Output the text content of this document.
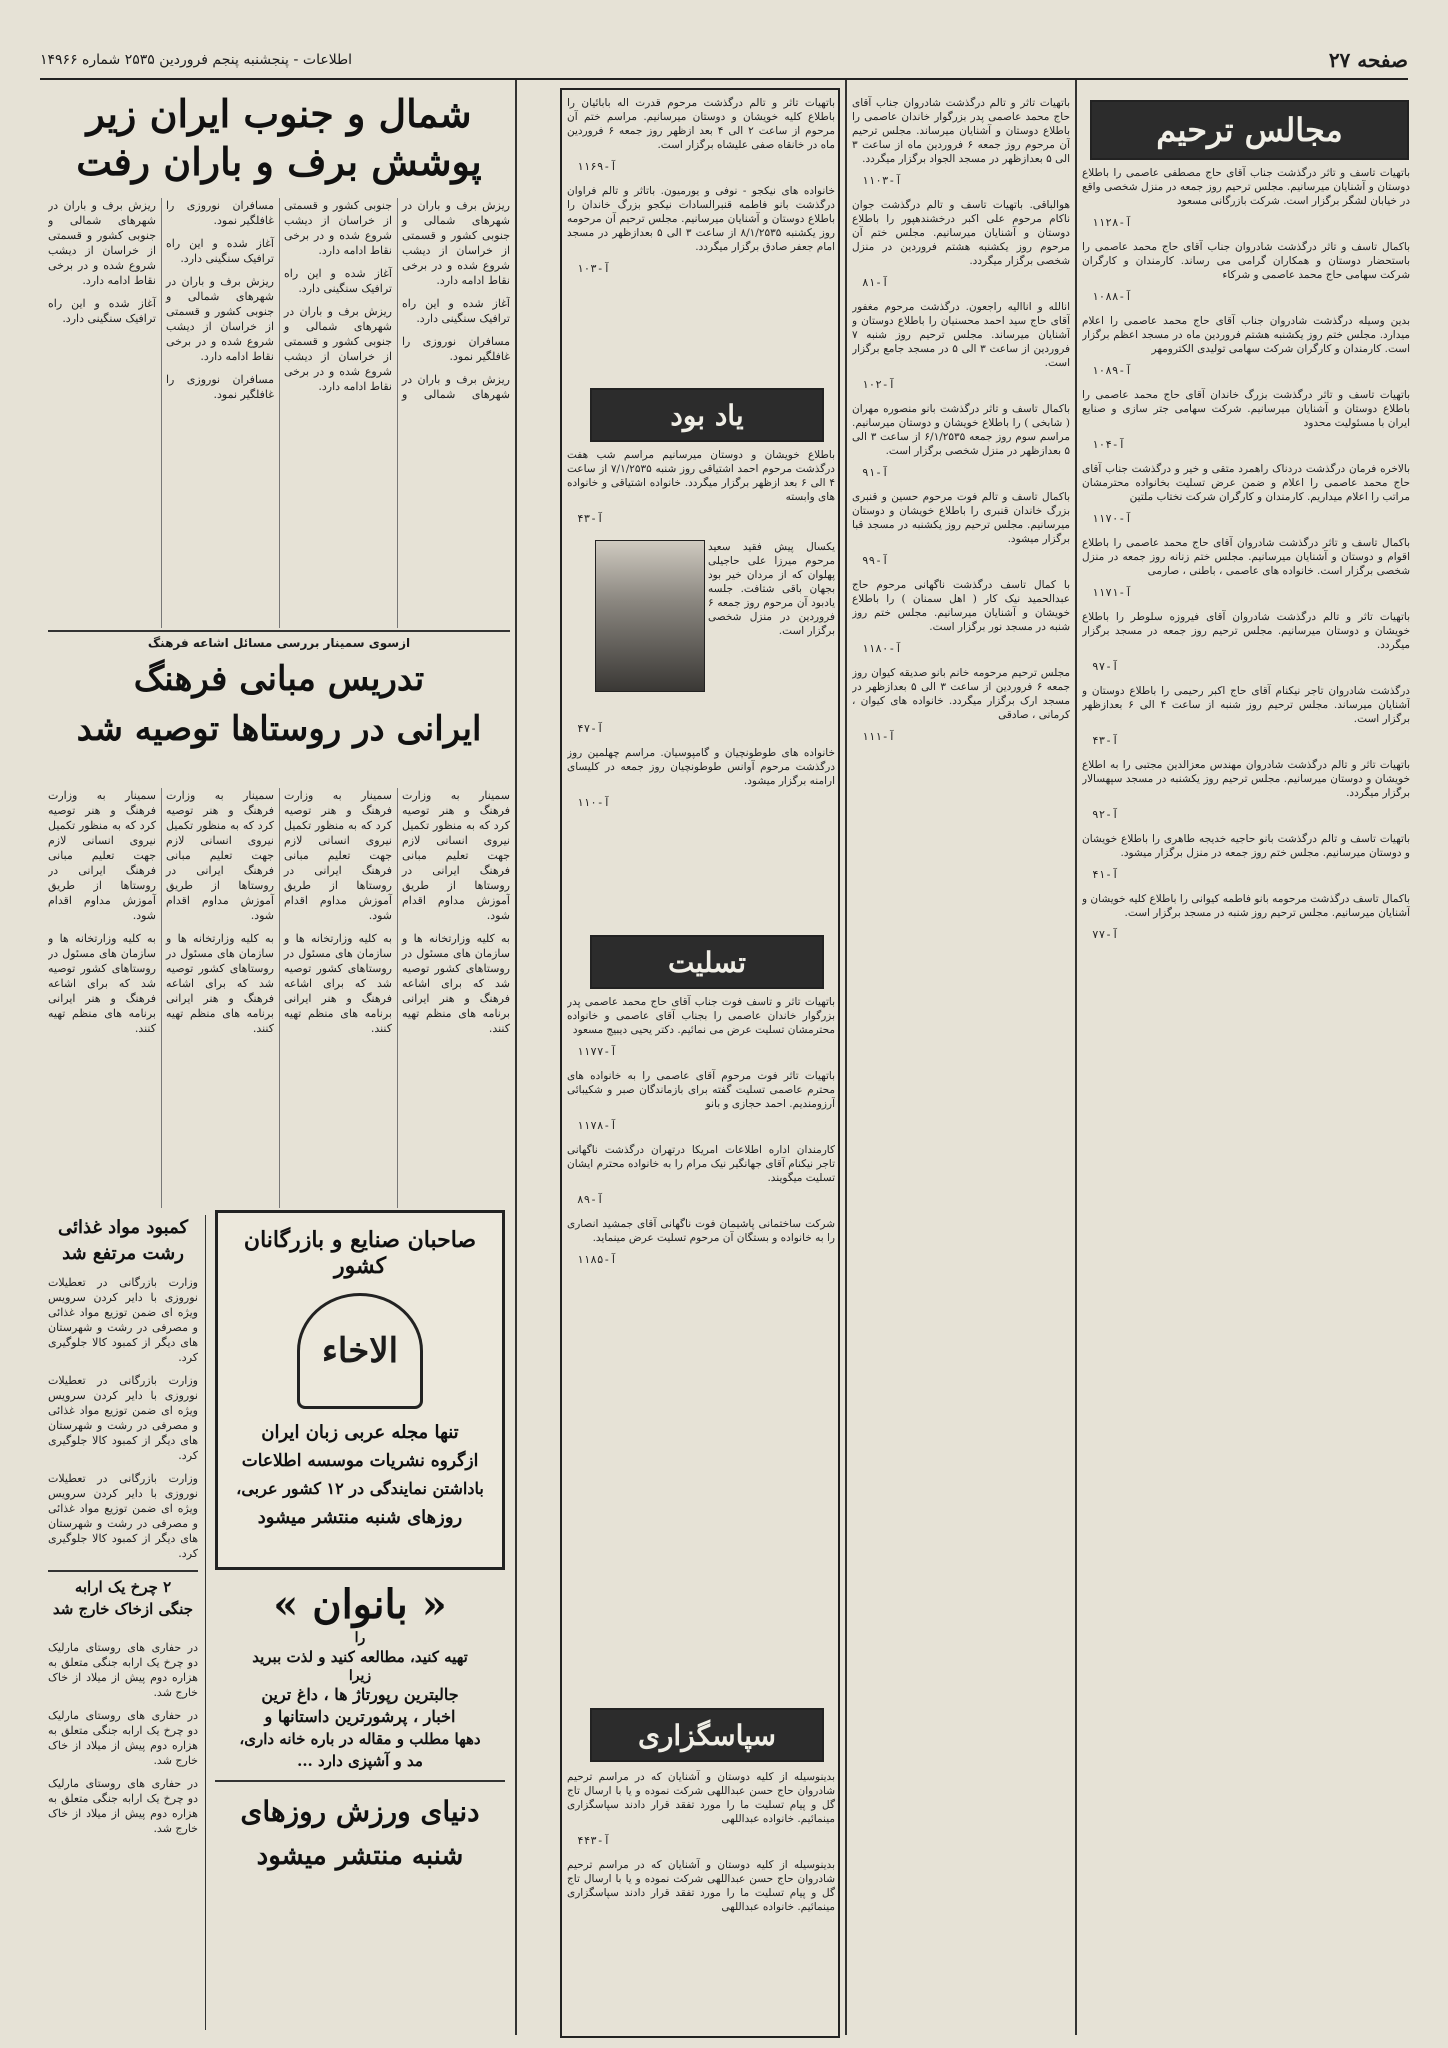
صفحه ۲۷
اطلاعات - پنجشنبه پنجم فروردین ۲۵۳۵ شماره ۱۴۹۶۶
شمال و جنوب ایران زیر
پوشش برف و باران رفت

ریزش برف و باران در شهرهای شمالی و جنوبی کشور و قسمتی از خراسان از دیشب شروع شده و در برخی نقاط ادامه دارد.

آغاز شده و این راه ترافیک سنگینی دارد.

مسافران نوروزی را غافلگیر نمود.

ریزش برف و باران در شهرهای شمالی و جنوبی کشور و قسمتی از خراسان از دیشب شروع شده و در برخی نقاط ادامه دارد.

آغاز شده و این راه ترافیک سنگینی دارد.

ریزش برف و باران در شهرهای شمالی و جنوبی کشور و قسمتی از خراسان از دیشب شروع شده و در برخی نقاط ادامه دارد.

مسافران نوروزی را غافلگیر نمود.

آغاز شده و این راه ترافیک سنگینی دارد.

ریزش برف و باران در شهرهای شمالی و جنوبی کشور و قسمتی از خراسان از دیشب شروع شده و در برخی نقاط ادامه دارد.

مسافران نوروزی را غافلگیر نمود.

ریزش برف و باران در شهرهای شمالی و جنوبی کشور و قسمتی از خراسان از دیشب شروع شده و در برخی نقاط ادامه دارد.

آغاز شده و این راه ترافیک سنگینی دارد.

ازسوی سمینار بررسی مسائل اشاعه فرهنگ
تدریس مبانی فرهنگ
ایرانی در روستاها توصیه شد

سمینار به وزارت فرهنگ و هنر توصیه کرد که به منظور تکمیل نیروی انسانی لازم جهت تعلیم مبانی فرهنگ ایرانی در روستاها از طریق آموزش مداوم اقدام شود.

به کلیه وزارتخانه ها و سازمان های مسئول در روستاهای کشور توصیه شد که برای اشاعه فرهنگ و هنر ایرانی برنامه های منظم تهیه کنند.

سمینار به وزارت فرهنگ و هنر توصیه کرد که به منظور تکمیل نیروی انسانی لازم جهت تعلیم مبانی فرهنگ ایرانی در روستاها از طریق آموزش مداوم اقدام شود.

به کلیه وزارتخانه ها و سازمان های مسئول در روستاهای کشور توصیه شد که برای اشاعه فرهنگ و هنر ایرانی برنامه های منظم تهیه کنند.

سمینار به وزارت فرهنگ و هنر توصیه کرد که به منظور تکمیل نیروی انسانی لازم جهت تعلیم مبانی فرهنگ ایرانی در روستاها از طریق آموزش مداوم اقدام شود.

به کلیه وزارتخانه ها و سازمان های مسئول در روستاهای کشور توصیه شد که برای اشاعه فرهنگ و هنر ایرانی برنامه های منظم تهیه کنند.

سمینار به وزارت فرهنگ و هنر توصیه کرد که به منظور تکمیل نیروی انسانی لازم جهت تعلیم مبانی فرهنگ ایرانی در روستاها از طریق آموزش مداوم اقدام شود.

به کلیه وزارتخانه ها و سازمان های مسئول در روستاهای کشور توصیه شد که برای اشاعه فرهنگ و هنر ایرانی برنامه های منظم تهیه کنند.

کمبود مواد غذائی
رشت مرتفع شد

وزارت بازرگانی در تعطیلات نوروزی با دایر کردن سرویس ویژه ای ضمن توزیع مواد غذائی و مصرفی در رشت و شهرستان های دیگر از کمبود کالا جلوگیری کرد.

وزارت بازرگانی در تعطیلات نوروزی با دایر کردن سرویس ویژه ای ضمن توزیع مواد غذائی و مصرفی در رشت و شهرستان های دیگر از کمبود کالا جلوگیری کرد.

وزارت بازرگانی در تعطیلات نوروزی با دایر کردن سرویس ویژه ای ضمن توزیع مواد غذائی و مصرفی در رشت و شهرستان های دیگر از کمبود کالا جلوگیری کرد.

۲ چرخ یک ارابه
جنگی ازخاک خارج شد

در حفاری های روستای مارلیک دو چرخ یک ارابه جنگی متعلق به هزاره دوم پیش از میلاد از خاک خارج شد.

در حفاری های روستای مارلیک دو چرخ یک ارابه جنگی متعلق به هزاره دوم پیش از میلاد از خاک خارج شد.

در حفاری های روستای مارلیک دو چرخ یک ارابه جنگی متعلق به هزاره دوم پیش از میلاد از خاک خارج شد.

صاحبان صنایع و بازرگانان کشور
الاخاء
تنها مجله عربی زبان ایران
ازگروه نشریات موسسه اطلاعات
باداشتن نمایندگی در ۱۲ کشور عربی،
روزهای شنبه منتشر میشود
« بانوان »
را
تهیه کنید، مطالعه کنید و لذت ببرید
زیرا
جالبترین رپورتاژ ها ، داغ ترین
اخبار ، پرشورترین داستانها و
دهها مطلب و مقاله در باره خانه داری،
مد و آشپزی دارد ...
دنیای ورزش روزهای
شنبه منتشر میشود

باتهیات تاثر و تالم درگذشت مرحوم قدرت اله بابائیان را باطلاع کلیه خویشان و دوستان میرسانیم. مراسم ختم آن مرحوم از ساعت ۲ الی ۴ بعد ازظهر روز جمعه ۶ فروردین ماه در خانقاه صفی علیشاه برگزار است.

آ-۱۱۶۹

خانواده های نیکجو - نوفی و یورمیون. باتاثر و تالم فراوان درگذشت بانو فاطمه قنبرالسادات نیکجو بزرگ خاندان را باطلاع دوستان و آشنایان میرسانیم. مجلس ترحیم آن مرحومه روز یکشنبه ۸/۱/۲۵۳۵ از ساعت ۳ الی ۵ بعدازظهر در مسجد امام جعفر صادق برگزار میگردد.

آ-۱۰۳

یاد بود

باطلاع خویشان و دوستان میرسانیم مراسم شب هفت درگذشت مرحوم احمد اشتیاقی روز شنبه ۷/۱/۲۵۳۵ از ساعت ۴ الی ۶ بعد ازظهر برگزار میگردد. خانواده اشتیاقی و خانواده های وابسته

آ-۴۳

یکسال پیش فقید سعید مرحوم میرزا علی حاجیلی پهلوان که از مردان خیر بود بجهان باقی شتافت. جلسه یادبود آن مرحوم روز جمعه ۶ فروردین در منزل شخصی برگزار است.

آ-۴۷

خانواده های طوطونچیان و گامپوسیان. مراسم چهلمین روز درگذشت مرحوم آوانس طوطونچیان روز جمعه در کلیسای ارامنه برگزار میشود.

آ-۱۱۰

تسلیت

باتهیات تاثر و تاسف فوت جناب آقای حاج محمد عاصمی پدر بزرگوار خاندان عاصمی را بجناب آقای عاصمی و خانواده محترمشان تسلیت عرض می نمائیم. دکتر یحیی دیبیج مسعود

آ-۱۱۷۷

باتهیات تاثر فوت مرحوم آقای عاصمی را به خانواده های محترم عاصمی تسلیت گفته برای بازماندگان صبر و شکیبائی آرزومندیم. احمد حجازی و بانو

آ-۱۱۷۸

کارمندان اداره اطلاعات امریکا درتهران درگذشت ناگهانی تاجر نیکنام آقای جهانگیر نیک مرام را به خانواده محترم ایشان تسلیت میگویند.

آ-۸۹

شرکت ساختمانی پاشیمان فوت ناگهانی آقای جمشید انصاری را به خانواده و بستگان آن مرحوم تسلیت عرض مینماید.

آ-۱۱۸۵

سپاسگزاری

بدینوسیله از کلیه دوستان و آشنایان که در مراسم ترحیم شادروان حاج حسن عبداللهی شرکت نموده و یا با ارسال تاج گل و پیام تسلیت ما را مورد تفقد قرار دادند سپاسگزاری مینمائیم. خانواده عبداللهی

آ-۴۴۳

بدینوسیله از کلیه دوستان و آشنایان که در مراسم ترحیم شادروان حاج حسن عبداللهی شرکت نموده و یا با ارسال تاج گل و پیام تسلیت ما را مورد تفقد قرار دادند سپاسگزاری مینمائیم. خانواده عبداللهی

باتهیات تاثر و تالم درگذشت شادروان جناب آقای حاج محمد عاصمی پدر بزرگوار خاندان عاصمی را باطلاع دوستان و آشنایان میرساند. مجلس ترحیم آن مرحوم روز جمعه ۶ فروردین ماه از ساعت ۳ الی ۵ بعدازظهر در مسجد الجواد برگزار میگردد.

آ-۱۱۰۳

هوالباقی. باتهیات تاسف و تالم درگذشت جوان ناکام مرحوم علی اکبر درخشندهپور را باطلاع دوستان و آشنایان میرسانیم. مجلس ختم آن مرحوم روز یکشنبه هشتم فروردین در منزل شخصی برگزار میگردد.

آ-۸۱

انالله و اناالیه راجعون. درگذشت مرحوم مغفور آقای حاج سید احمد محسنیان را باطلاع دوستان و آشنایان میرساند. مجلس ترحیم روز شنبه ۷ فروردین از ساعت ۳ الی ۵ در مسجد جامع برگزار است.

آ-۱۰۲

باکمال تاسف و تاثر درگذشت بانو منصوره مهران ( شابخی ) را باطلاع خویشان و دوستان میرسانیم. مراسم سوم روز جمعه ۶/۱/۲۵۳۵ از ساعت ۳ الی ۵ بعدازظهر در منزل شخصی برگزار است.

آ-۹۱

باکمال تاسف و تالم فوت مرحوم حسین و قنبری بزرگ خاندان قنبری را باطلاع خویشان و دوستان میرسانیم. مجلس ترحیم روز یکشنبه در مسجد قبا برگزار میشود.

آ-۹۹

با کمال تاسف درگذشت ناگهانی مرحوم حاج عبدالحمید نیک کار ( اهل سمنان ) را باطلاع خویشان و آشنایان میرسانیم. مجلس ختم روز شنبه در مسجد نور برگزار است.

آ-۱۱۸۰

مجلس ترحیم مرحومه خانم بانو صدیقه کیوان روز جمعه ۶ فروردین از ساعت ۳ الی ۵ بعدازظهر در مسجد ارک برگزار میگردد. خانواده های کیوان ، کرمانی ، صادقی

آ-۱۱۱

مجالس ترحیم

باتهیات تاسف و تاثر درگذشت جناب آقای حاج مصطفی عاصمی را باطلاع دوستان و آشنایان میرسانیم. مجلس ترحیم روز جمعه در منزل شخصی واقع در خیابان لشگر برگزار است. شرکت بازرگانی مسعود

آ-۱۱۲۸

باکمال تاسف و تاثر درگذشت شادروان جناب آقای حاج محمد عاصمی را باستحضار دوستان و همکاران گرامی می رساند. کارمندان و کارگران شرکت سهامی حاج محمد عاصمی و شرکاء

آ-۱۰۸۸

بدین وسیله درگذشت شادروان جناب آقای حاج محمد عاصمی را اعلام میدارد. مجلس ختم روز یکشنبه هشتم فروردین ماه در مسجد اعظم برگزار است. کارمندان و کارگران شرکت سهامی تولیدی الکترومهر

آ-۱۰۸۹

باتهیات تاسف و تاثر درگذشت بزرگ خاندان آقای حاج محمد عاصمی را باطلاع دوستان و آشنایان میرسانیم. شرکت سهامی جتر سازی و صنایع ایران با مسئولیت محدود

آ-۱۰۴

بالاخره فرمان درگذشت دردناک راهمرد متقی و خیر و درگذشت جناب آقای حاج محمد عاصمی را اعلام و ضمن عرض تسلیت بخانواده محترمشان مراتب را اعلام میداریم. کارمندان و کارگران شرکت نختاب ملتین

آ-۱۱۷۰

باکمال تاسف و تاثر درگذشت شادروان آقای حاج محمد عاصمی را باطلاع اقوام و دوستان و آشنایان میرسانیم. مجلس ختم زنانه روز جمعه در منزل شخصی برگزار است. خانواده های عاصمی ، باطنی ، صارمی

آ-۱۱۷۱

باتهیات تاثر و تالم درگذشت شادروان آقای فیروزه سلوطر را باطلاع خویشان و دوستان میرسانیم. مجلس ترحیم روز جمعه در مسجد برگزار میگردد.

آ-۹۷

درگذشت شادروان تاجر نیکنام آقای حاج اکبر رحیمی را باطلاع دوستان و آشنایان میرساند. مجلس ترحیم روز شنبه از ساعت ۴ الی ۶ بعدازظهر برگزار است.

آ-۴۳

باتهیات تاثر و تالم درگذشت شادروان مهندس معزالدین مجتبی را به اطلاع خویشان و دوستان میرسانیم. مجلس ترحیم روز یکشنبه در مسجد سپهسالار برگزار میگردد.

آ-۹۲

باتهیات تاسف و تالم درگذشت بانو حاجیه خدیجه طاهری را باطلاع خویشان و دوستان میرسانیم. مجلس ختم روز جمعه در منزل برگزار میشود.

آ-۴۱

باکمال تاسف درگذشت مرحومه بانو فاطمه کیوانی را باطلاع کلیه خویشان و آشنایان میرسانیم. مجلس ترحیم روز شنبه در مسجد برگزار است.

آ-۷۷
